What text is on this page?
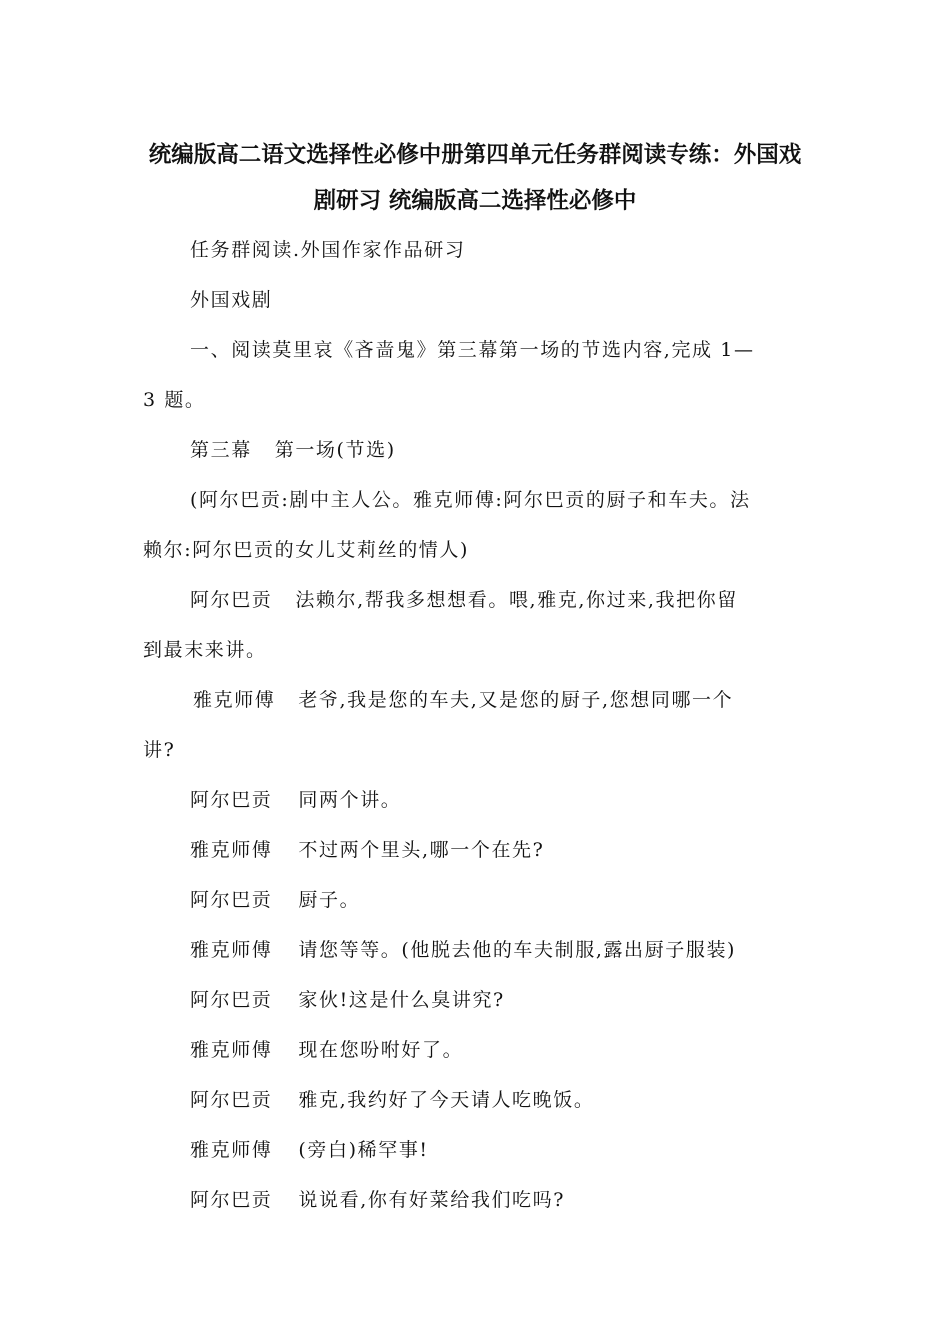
统编版高二语文选择性必修中册第四单元任务群阅读专练：外国戏
剧研习 统编版高二选择性必修中
任务群阅读.外国作家作品研习
外国戏剧
一、阅读莫里哀《吝啬鬼》第三幕第一场的节选内容,完成 1—
3 题。
第三幕   第一场(节选)
(阿尔巴贡:剧中主人公。雅克师傅:阿尔巴贡的厨子和车夫。法
赖尔:阿尔巴贡的女儿艾莉丝的情人)
阿尔巴贡   法赖尔,帮我多想想看。喂,雅克,你过来,我把你留
到最末来讲。
雅克师傅   老爷,我是您的车夫,又是您的厨子,您想同哪一个
讲?
阿尔巴贡 同两个讲。
雅克师傅 不过两个里头,哪一个在先?
阿尔巴贡 厨子。
雅克师傅 请您等等。(他脱去他的车夫制服,露出厨子服装)
阿尔巴贡 家伙!这是什么臭讲究?
雅克师傅 现在您吩咐好了。
阿尔巴贡 雅克,我约好了今天请人吃晚饭。
雅克师傅 (旁白)稀罕事!
阿尔巴贡 说说看,你有好菜给我们吃吗?
